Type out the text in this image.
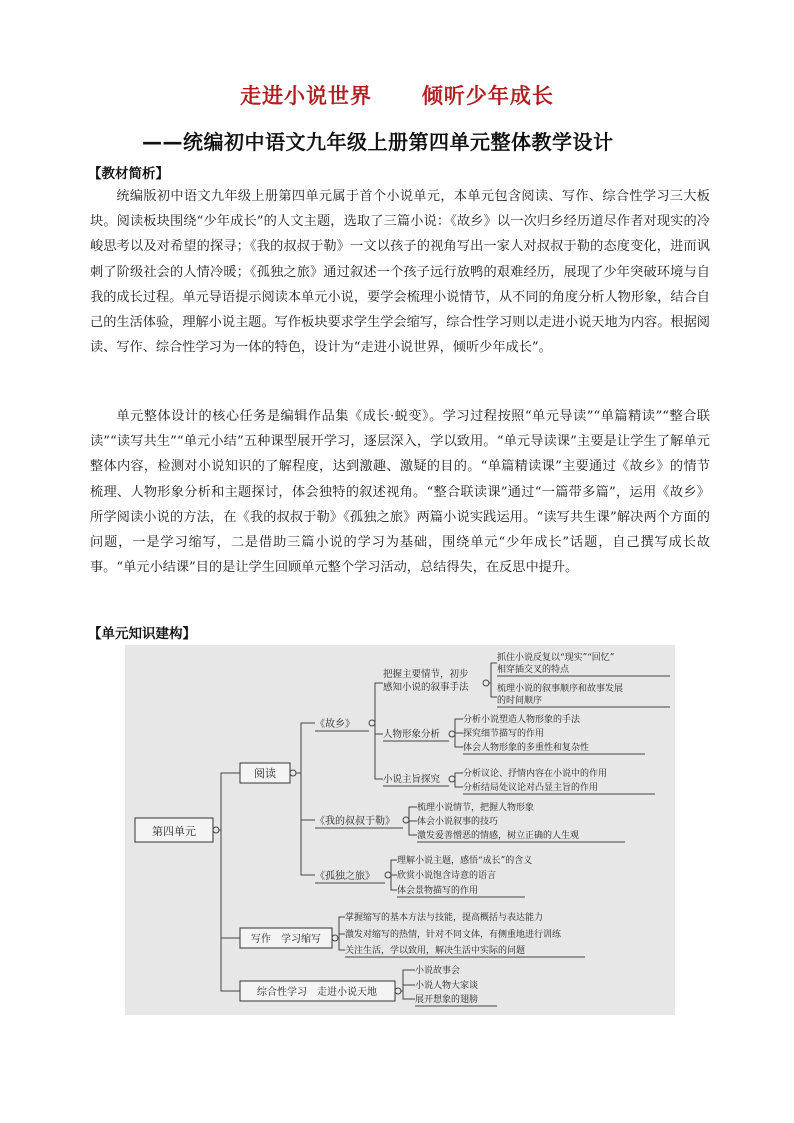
走进小说世界      倾听少年成长
——统编初中语文九年级上册第四单元整体教学设计
【教材简析】

统编版初中语文九年级上册第四单元属于首个小说单元，本单元包含阅读、写作、综合性学习三大板块。阅读板块围绕“少年成长”的人文主题，选取了三篇小说：《故乡》以一次归乡经历道尽作者对现实的冷峻思考以及对希望的探寻；《我的叔叔于勒》一文以孩子的视角写出一家人对叔叔于勒的态度变化，进而讽刺了阶级社会的人情冷暖；《孤独之旅》通过叙述一个孩子远行放鸭的艰难经历，展现了少年突破环境与自我的成长过程。单元导语提示阅读本单元小说，要学会梳理小说情节，从不同的角度分析人物形象，结合自己的生活体验，理解小说主题。写作板块要求学生学会缩写，综合性学习则以走进小说天地为内容。根据阅读、写作、综合性学习为一体的特色，设计为“走进小说世界，倾听少年成长”。

单元整体设计的核心任务是编辑作品集《成长·蜕变》。学习过程按照“单元导读”“单篇精读”“整合联读”“读写共生”“单元小结”五种课型展开学习，逐层深入，学以致用。“单元导读课”主要是让学生了解单元整体内容，检测对小说知识的了解程度，达到激趣、激疑的目的。“单篇精读课”主要通过《故乡》的情节梳理、人物形象分析和主题探讨，体会独特的叙述视角。“整合联读课”通过“一篇带多篇”，运用《故乡》所学阅读小说的方法，在《我的叔叔于勒》《孤独之旅》两篇小说实践运用。“读写共生课”解决两个方面的问题，一是学习缩写，二是借助三篇小说的学习为基础，围绕单元“少年成长”话题，自己撰写成长故事。“单元小结课”目的是让学生回顾单元整个学习活动，总结得失，在反思中提升。

【单元知识建构】
第四单元
阅读
写作　学习缩写
综合性学习　走进小说天地
《故乡》
《我的叔叔于勒》
《孤独之旅》
把握主要情节，初步
感知小说的叙事手法
人物形象分析
小说主旨探究
抓住小说反复以“现实”“回忆”
相穿插交叉的特点
梳理小说的叙事顺序和故事发展
的时间顺序
分析小说塑造人物形象的手法
探究细节描写的作用
体会人物形象的多重性和复杂性
分析议论、抒情内容在小说中的作用
分析结局处议论对凸显主旨的作用
梳理小说情节，把握人物形象
体会小说叙事的技巧
激发爱善憎恶的情感，树立正确的人生观
理解小说主题，感悟“成长”的含义
欣赏小说饱含诗意的语言
体会景物描写的作用
掌握缩写的基本方法与技能，提高概括与表达能力
激发对缩写的热情，针对不同文体，有侧重地进行训练
关注生活，学以致用，解决生活中实际的问题
小说故事会
小说人物大家谈
展开想象的翅膀
